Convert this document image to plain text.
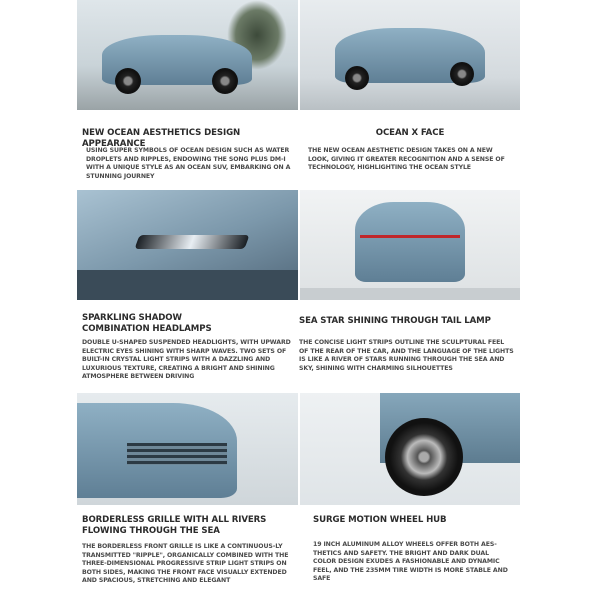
NEW OCEAN AESTHETICS DESIGN APPEARANCE
USING SUPER SYMBOLS OF OCEAN DESIGN SUCH AS WATER DROPLETS AND RIPPLES, ENDOWING THE SONG PLUS DM-I WITH A UNIQUE STYLE AS AN OCEAN SUV, EMBARKING ON A STUNNING JOURNEY
OCEAN X FACE
THE NEW OCEAN AESTHETIC DESIGN TAKES ON A NEW LOOK, GIVING IT GREATER RECOGNITION AND A SENSE OF TECHNOLOGY, HIGHLIGHTING THE OCEAN STYLE
SPARKLING SHADOW COMBINATION HEADLAMPS
DOUBLE U-SHAPED SUSPENDED HEADLIGHTS, WITH UPWARD ELECTRIC EYES SHINING WITH SHARP WAVES. TWO SETS OF BUILT-IN CRYSTAL LIGHT STRIPS WITH A DAZZLING AND LUXURIOUS TEXTURE, CREATING A BRIGHT AND SHINING ATMOSPHERE BETWEEN DRIVING
SEA STAR SHINING THROUGH TAIL LAMP
THE CONCISE LIGHT STRIPS OUTLINE THE SCULPTURAL FEEL OF THE REAR OF THE CAR, AND THE LANGUAGE OF THE LIGHTS IS LIKE A RIVER OF STARS RUNNING THROUGH THE SEA AND SKY, SHINING WITH CHARMING SILHOUETTES
BORDERLESS GRILLE WITH ALL RIVERS FLOWING THROUGH THE SEA
THE BORDERLESS FRONT GRILLE IS LIKE A CONTINUOUS-LY TRANSMITTED "RIPPLE", ORGANICALLY COMBINED WITH THE THREE-DIMENSIONAL PROGRESSIVE STRIP LIGHT STRIPS ON BOTH SIDES, MAKING THE FRONT FACE VISUALLY EXTENDED AND SPACIOUS, STRETCHING AND ELEGANT
SURGE MOTION WHEEL HUB
19 INCH ALUMINUM ALLOY WHEELS OFFER BOTH AES-THETICS AND SAFETY. THE BRIGHT AND DARK DUAL COLOR DESIGN EXUDES A FASHIONABLE AND DYNAMIC FEEL, AND THE 235MM TIRE WIDTH IS MORE STABLE AND SAFE
